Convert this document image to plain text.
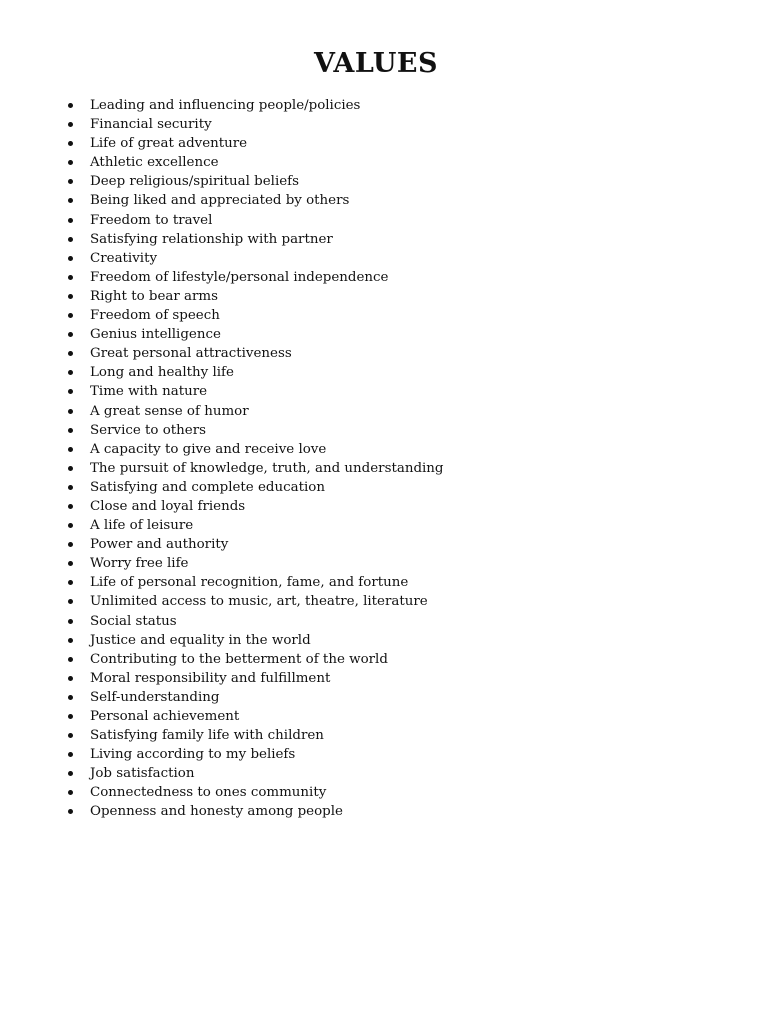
VALUES
Leading and influencing people/policies
Financial security
Life of great adventure
Athletic excellence
Deep religious/spiritual beliefs
Being liked and appreciated by others
Freedom to travel
Satisfying relationship with partner
Creativity
Freedom of lifestyle/personal independence
Right to bear arms
Freedom of speech
Genius intelligence
Great personal attractiveness
Long and healthy life
Time with nature
A great sense of humor
Service to others
A capacity to give and receive love
The pursuit of knowledge, truth, and understanding
Satisfying and complete education
Close and loyal friends
A life of leisure
Power and authority
Worry free life
Life of personal recognition, fame, and fortune
Unlimited access to music, art, theatre, literature
Social status
Justice and equality in the world
Contributing to the betterment of the world
Moral responsibility and fulfillment
Self-understanding
Personal achievement
Satisfying family life with children
Living according to my beliefs
Job satisfaction
Connectedness to ones community
Openness and honesty among people
